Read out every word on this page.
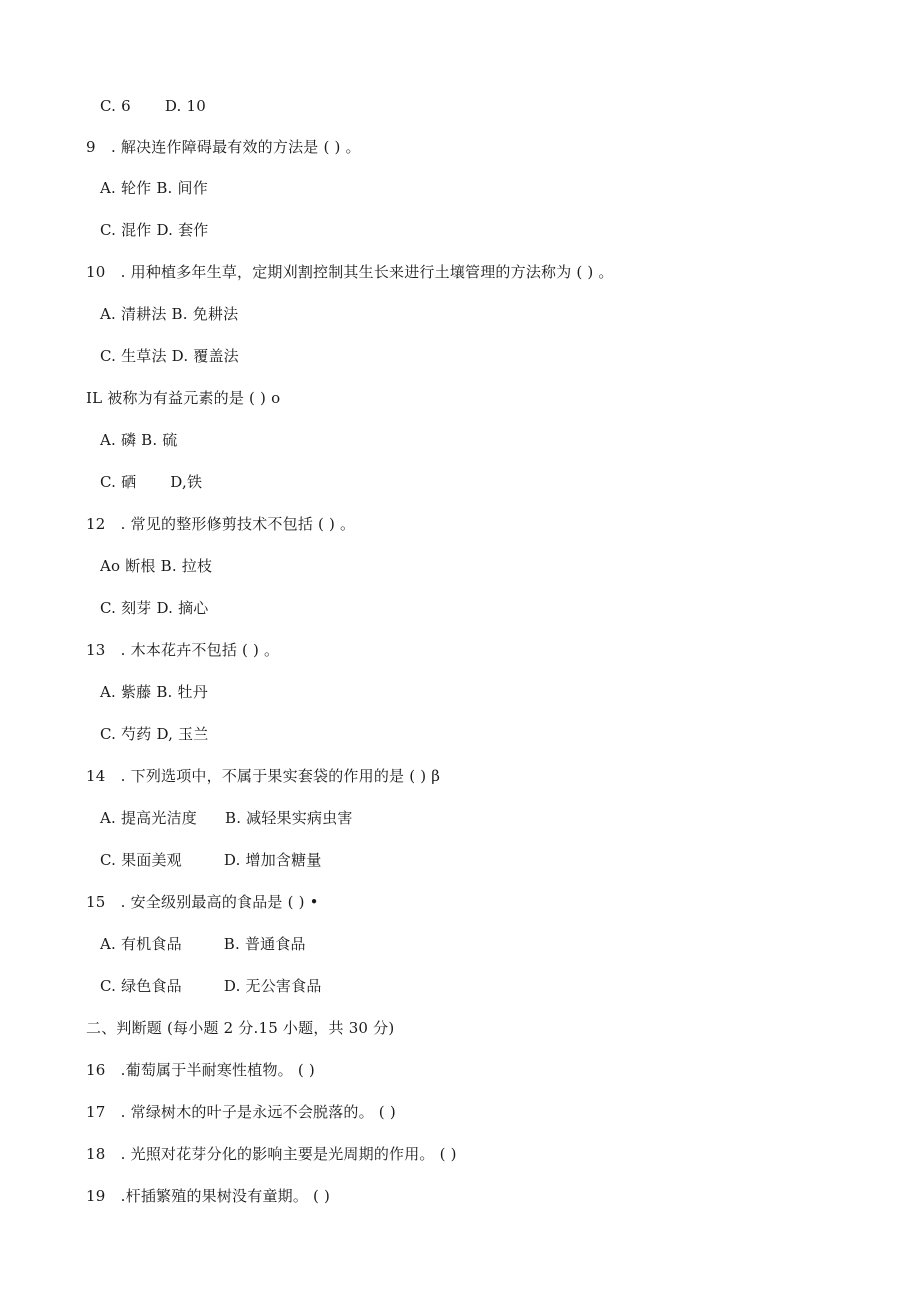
C. 6 D. 10
9　. 解决连作障碍最有效的方法是 ( ) 。
A. 轮作 B. 间作
C. 混作 D. 套作
10　. 用种植多年生草，定期刈割控制其生长来进行土壤管理的方法称为 ( ) 。
A. 清耕法 B. 免耕法
C. 生草法 D. 覆盖法
IL 被称为有益元素的是 ( ) o
A. 磷 B. 硫
C. 硒 D,铁
12　. 常见的整形修剪技术不包括 ( ) 。
Ao 断根 B. 拉枝
C. 刻芽 D. 摘心
13　. 木本花卉不包括 ( ) 。
A. 紫藤 B. 牡丹
C. 芍药 D, 玉兰
14　. 下列选项中，不属于果实套袋的作用的是 ( ) β
A. 提高光洁度 B. 减轻果实病虫害
C. 果面美观	D. 增加含糖量
15　. 安全级别最高的食品是 ( ) •
A. 有机食品	B. 普通食品
C. 绿色食品	D. 无公害食品
二、判断题 (每小题 2 分.15 小题，共 30 分)
16　.葡萄属于半耐寒性植物。 ( )
17　. 常绿树木的叶子是永远不会脱落的。 ( )
18　. 光照对花芽分化的影响主要是光周期的作用。 ( )
19　.杆插繁殖的果树没有童期。 ( )
